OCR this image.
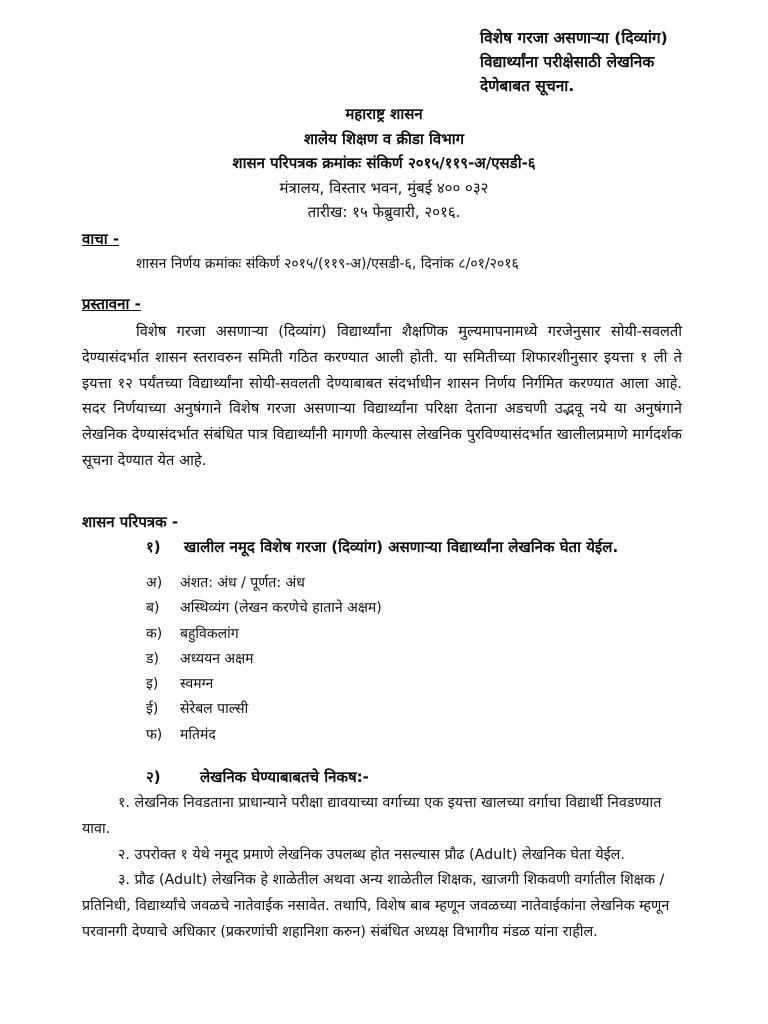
विशेष गरजा असणाऱ्या (दिव्यांग)
विद्यार्थ्यांना परीक्षेसाठी लेखनिक
देणेबाबत सूचना.
महाराष्ट्र शासन
शालेय शिक्षण व क्रीडा विभाग
शासन परिपत्रक क्रमांकः संकिर्ण २०१५/११९-अ/एसडी-६
मंत्रालय, विस्तार भवन, मुंबई ४०० ०३२
तारीख: १५ फेब्रुवारी, २०१६.
वाचा -
शासन निर्णय क्रमांकः संकिर्ण २०१५/(११९-अ)/एसडी-६, दिनांक ८/०१/२०१६
प्रस्तावना -

विशेष गरजा असणाऱ्या (दिव्यांग) विद्यार्थ्यांना शैक्षणिक मुल्यमापनामध्ये गरजेनुसार सोयी-सवलती देण्यासंदर्भात शासन स्तरावरुन समिती गठित करण्यात आली होती. या समितीच्या शिफारशीनुसार इयत्ता १ ली ते इयत्ता १२ पर्यंतच्या विद्यार्थ्यांना सोयी-सवलती देण्याबाबत संदर्भाधीन शासन निर्णय निर्गमित करण्यात आला आहे. सदर निर्णयाच्या अनुषंगाने विशेष गरजा असणाऱ्या विद्यार्थ्यांना परिक्षा देताना अडचणी उद्भवू नये या अनुषंगाने लेखनिक देण्यासंदर्भात संबंधित पात्र विद्यार्थ्यांनी मागणी केल्यास लेखनिक पुरविण्यासंदर्भात खालीलप्रमाणे मार्गदर्शक सूचना देण्यात येत आहे.

शासन परिपत्रक -
१) खालील नमूद विशेष गरजा (दिव्यांग) असणाऱ्या विद्यार्थ्यांना लेखनिक घेता येईल.
अ) अंशत: अंध / पूर्णत: अंध
ब) अस्थिव्यंग (लेखन करणेचे हाताने अक्षम)
क) बहुविकलांग
ड) अध्ययन अक्षम
इ) स्वमग्न
ई) सेरेबल पाल्सी
फ) मतिमंद
२)	लेखनिक घेण्याबाबतचे निकष:-

१. लेखनिक निवडताना प्राधान्याने परीक्षा द्यावयाच्या वर्गाच्या एक इयत्ता खालच्या वर्गाचा विद्यार्थी निवडण्यात यावा.

२. उपरोक्त १ येथे नमूद प्रमाणे लेखनिक उपलब्ध होत नसल्यास प्रौढ (Adult) लेखनिक घेता येईल.

३. प्रौढ (Adult) लेखनिक हे शाळेतील अथवा अन्य शाळेतील शिक्षक, खाजगी शिकवणी वर्गातील शिक्षक / प्रतिनिधी, विद्यार्थ्यांचे जवळचे नातेवाईक नसावेत. तथापि, विशेष बाब म्हणून जवळच्या नातेवाईकांना लेखनिक म्हणून परवानगी देण्याचे अधिकार (प्रकरणांची शहानिशा करुन) संबंधित अध्यक्ष विभागीय मंडळ यांना राहील.
